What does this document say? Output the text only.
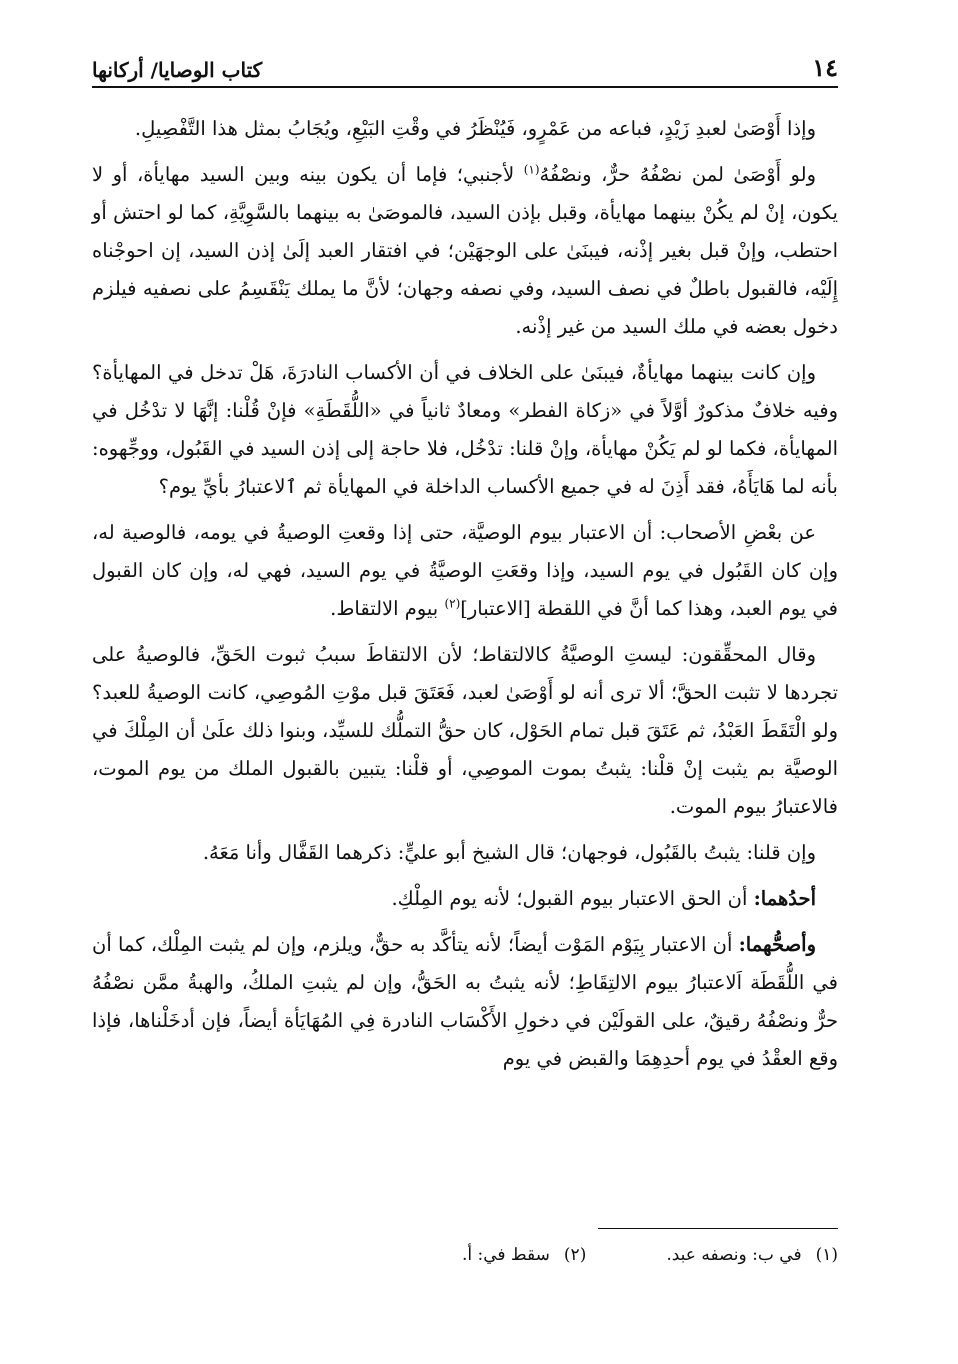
١٤
كتاب الوصايا/ أركانها

وإذا أَوْصَىٰ لعبدِ زَيْدٍ، فباعه من عَمْرٍو، فَيُنْظَرُ في وقْتِ البَيْعِ، ويُجَابُ بمثل هذا التَّفْصِيلِ.

ولو أَوْصَىٰ لمن نصْفُهُ حرٌّ، ونصْفُهُ$^{(١)}$ لأجنبي؛ فإما أن يكون بينه وبين السيد مهايأة، أو لا يكون، إنْ لم يكُنْ بينهما مهايأة، وقبل بإذن السيد، فالموصَىٰ به بينهما بالسَّوِيَّةِ، كما لو احتش أو احتطب، وإنْ قبل بغير إذْنه، فيبنَىٰ على الوجهَيْن؛ في افتقار العبد إلَىٰ إذن السيد، إن احوجْناه إِلَيْه، فالقبول باطلٌ في نصف السيد، وفي نصفه وجهان؛ لأنَّ ما يملك يَنْقَسِمُ على نصفيه فيلزم دخول بعضه في ملك السيد من غير إذْنه.

وإن كانت بينهما مهايأةٌ، فيبنَىٰ على الخلاف في أن الأكساب النادرَةَ، هَلْ تدخل في المهايأة؟ وفيه خلافٌ مذكورٌ أوَّلاً في «زكاة الفطر» ومعادٌ ثانياً في «اللُّقَطَةِ» فإنْ قُلْنا: إنَّهَا لا تدْخُل في المهايأة، فكما لو لم يَكُنْ مهايأة، وإنْ قلنا: تدْخُل، فلا حاجة إلى إذن السيد في القَبُول، ووجِّهوه: بأنه لما هَايَأَهُ، فقد أَذِنَ له في جميع الأكساب الداخلة في المهايأة ثم ٱلاعتبارُ بأيِّ يوم؟

عن بعْضِ الأصحاب: أن الاعتبار بيوم الوصيَّة، حتى إذا وقعتِ الوصيةُ في يومه، فالوصية له، وإن كان القَبُول في يوم السيد، وإذا وقعَتِ الوصيَّةُ في يوم السيد، فهي له، وإن كان القبول في يوم العبد، وهذا كما أنَّ في اللقطة [الاعتبار]$^{(٢)}$ بيوم الالتقاط.

وقال المحقِّقون: ليستِ الوصيَّةُ كالالتقاط؛ لأن الالتقاطَ سببُ ثبوت الحَقِّ، فالوصيةُ على تجردها لا تثبت الحقَّ؛ ألا ترى أنه لو أَوْصَىٰ لعبد، فَعَتَقَ قبل موْتِ المُوصِي، كانت الوصيةُ للعبد؟ ولو الْتَقَطَ العَبْدُ، ثم عَتَقَ قبل تمام الحَوْل، كان حقُّ التملُّك للسيِّد، وبنوا ذلك علَىٰ أن المِلْكَ في الوصيَّة بم يثبت إنْ قلْنا: يثبتُ بموت الموصِي، أو قلْنا: يتبين بالقبول الملك من يوم الموت، فالاعتبارُ بيوم الموت.

وإن قلنا: يثبتُ بالقَبُول، فوجهان؛ قال الشيخ أبو عليٍّ: ذكرهما القَفَّال وأنا مَعَهُ.

أحدُهما: أن الحق الاعتبار بيوم القبول؛ لأنه يوم المِلْكِ.

وأصحُّهما: أن الاعتبار بِيَوْم المَوْت أيضاً؛ لأنه يتأكَّد به حقٌّ، ويلزم، وإن لم يثبت المِلْك، كما أن في اللُّقَطَة اَلاعتبارُ بيوم الالتِقَاطِ؛ لأنه يثبتُ به الحَقُّ، وإن لم يثبتِ الملكُ، والهبةُ ممَّن نصْفُهُ حرٌّ ونصْفُهُ رقيقٌ، على القولَيْن في دخولِ الأَكْسَاب النادرة فِي المُهَايَأة أيضاً، فإن أدخَلْناها، فإذا وقع العقْدُ في يوم أحدِهِمَا والقبض في يوم

(١)في ب: ونصفه عبد.
(٢)سقط في: أ.
